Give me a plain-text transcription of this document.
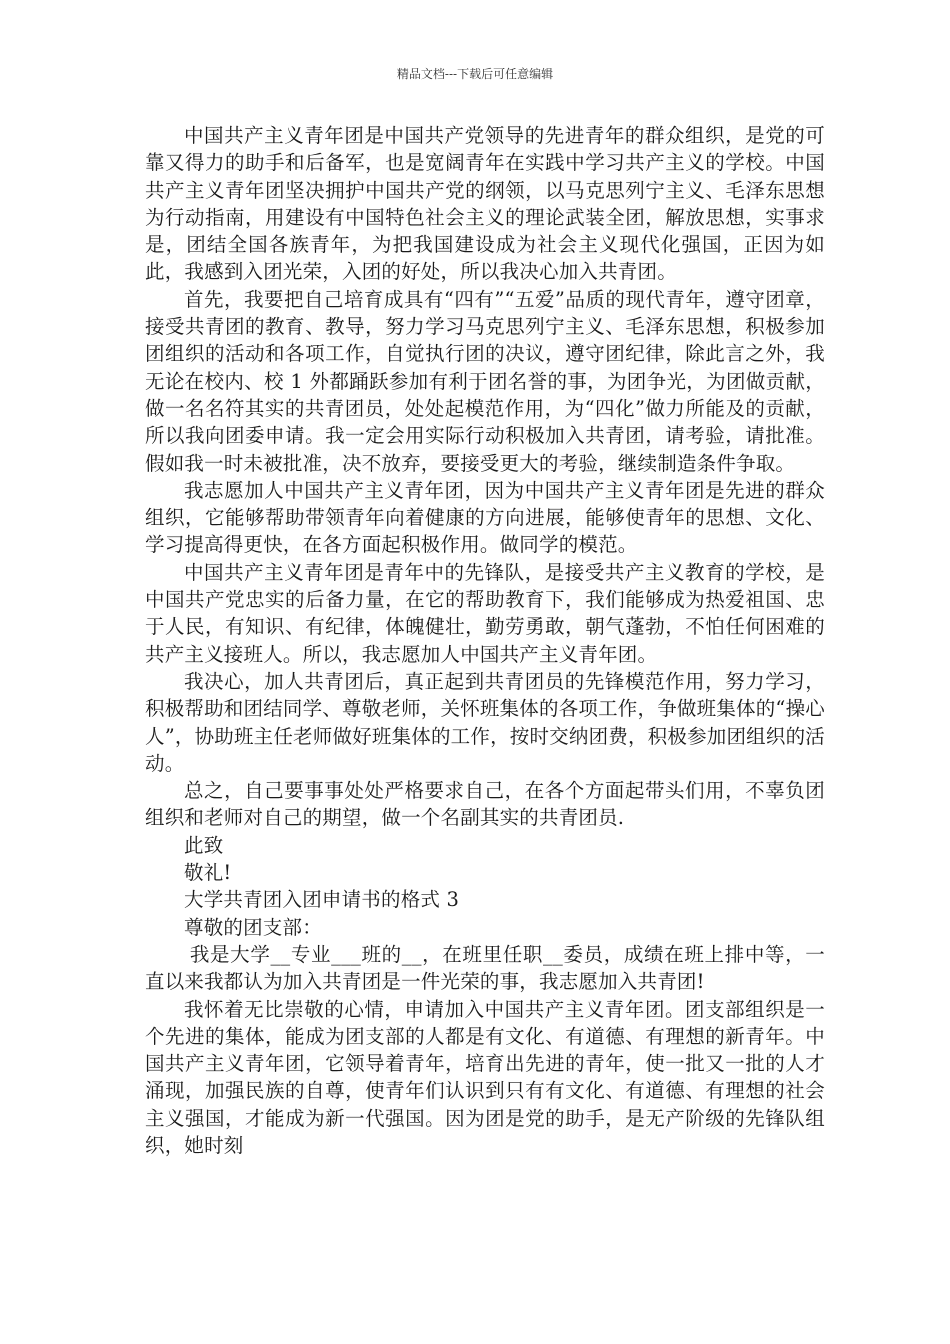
精品文档---下载后可任意编辑

中国共产主义青年团是中国共产党领导的先进青年的群众组织，是党的可靠又得力的助手和后备军，也是宽阔青年在实践中学习共产主义的学校。中国共产主义青年团坚决拥护中国共产党的纲领，以马克思列宁主义、毛泽东思想为行动指南，用建设有中国特色社会主义的理论武装全团，解放思想，实事求是，团结全国各族青年，为把我国建设成为社会主义现代化强国，正因为如此，我感到入团光荣，入团的好处，所以我决心加入共青团。

首先，我要把自己培育成具有“四有”“五爱”品质的现代青年，遵守团章，接受共青团的教育、教导，努力学习马克思列宁主义、毛泽东思想，积极参加团组织的活动和各项工作，自觉执行团的决议，遵守团纪律，除此言之外，我无论在校内、校 1 外都踊跃参加有利于团名誉的事，为团争光，为团做贡献，做一名名符其实的共青团员，处处起模范作用，为“四化”做力所能及的贡献，所以我向团委申请。我一定会用实际行动积极加入共青团，请考验，请批准。假如我一时未被批准，决不放弃，要接受更大的考验，继续制造条件争取。

我志愿加人中国共产主义青年团，因为中国共产主义青年团是先进的群众组织，它能够帮助带领青年向着健康的方向进展，能够使青年的思想、文化、学习提高得更快，在各方面起积极作用。做同学的模范。

中国共产主义青年团是青年中的先锋队，是接受共产主义教育的学校，是中国共产党忠实的后备力量，在它的帮助教育下，我们能够成为热爱祖国、忠于人民，有知识、有纪律，体魄健壮，勤劳勇敢，朝气蓬勃，不怕任何困难的共产主义接班人。所以，我志愿加人中国共产主义青年团。

我决心，加人共青团后，真正起到共青团员的先锋模范作用，努力学习，积极帮助和团结同学、尊敬老师，关怀班集体的各项工作，争做班集体的“操心人”，协助班主任老师做好班集体的工作，按时交纳团费，积极参加团组织的活动。

总之，自己要事事处处严格要求自己，在各个方面起带头们用，不辜负团组织和老师对自己的期望，做一个名副其实的共青团员.

此致

敬礼!

大学共青团入团申请书的格式 3

尊敬的团支部：

我是大学__专业___班的__，在班里任职__委员，成绩在班上排中等，一直以来我都认为加入共青团是一件光荣的事，我志愿加入共青团!

我怀着无比崇敬的心情，申请加入中国共产主义青年团。团支部组织是一个先进的集体，能成为团支部的人都是有文化、有道德、有理想的新青年。中国共产主义青年团，它领导着青年，培育出先进的青年，使一批又一批的人才涌现，加强民族的自尊，使青年们认识到只有有文化、有道德、有理想的社会主义强国，才能成为新一代强国。因为团是党的助手，是无产阶级的先锋队组织，她时刻
